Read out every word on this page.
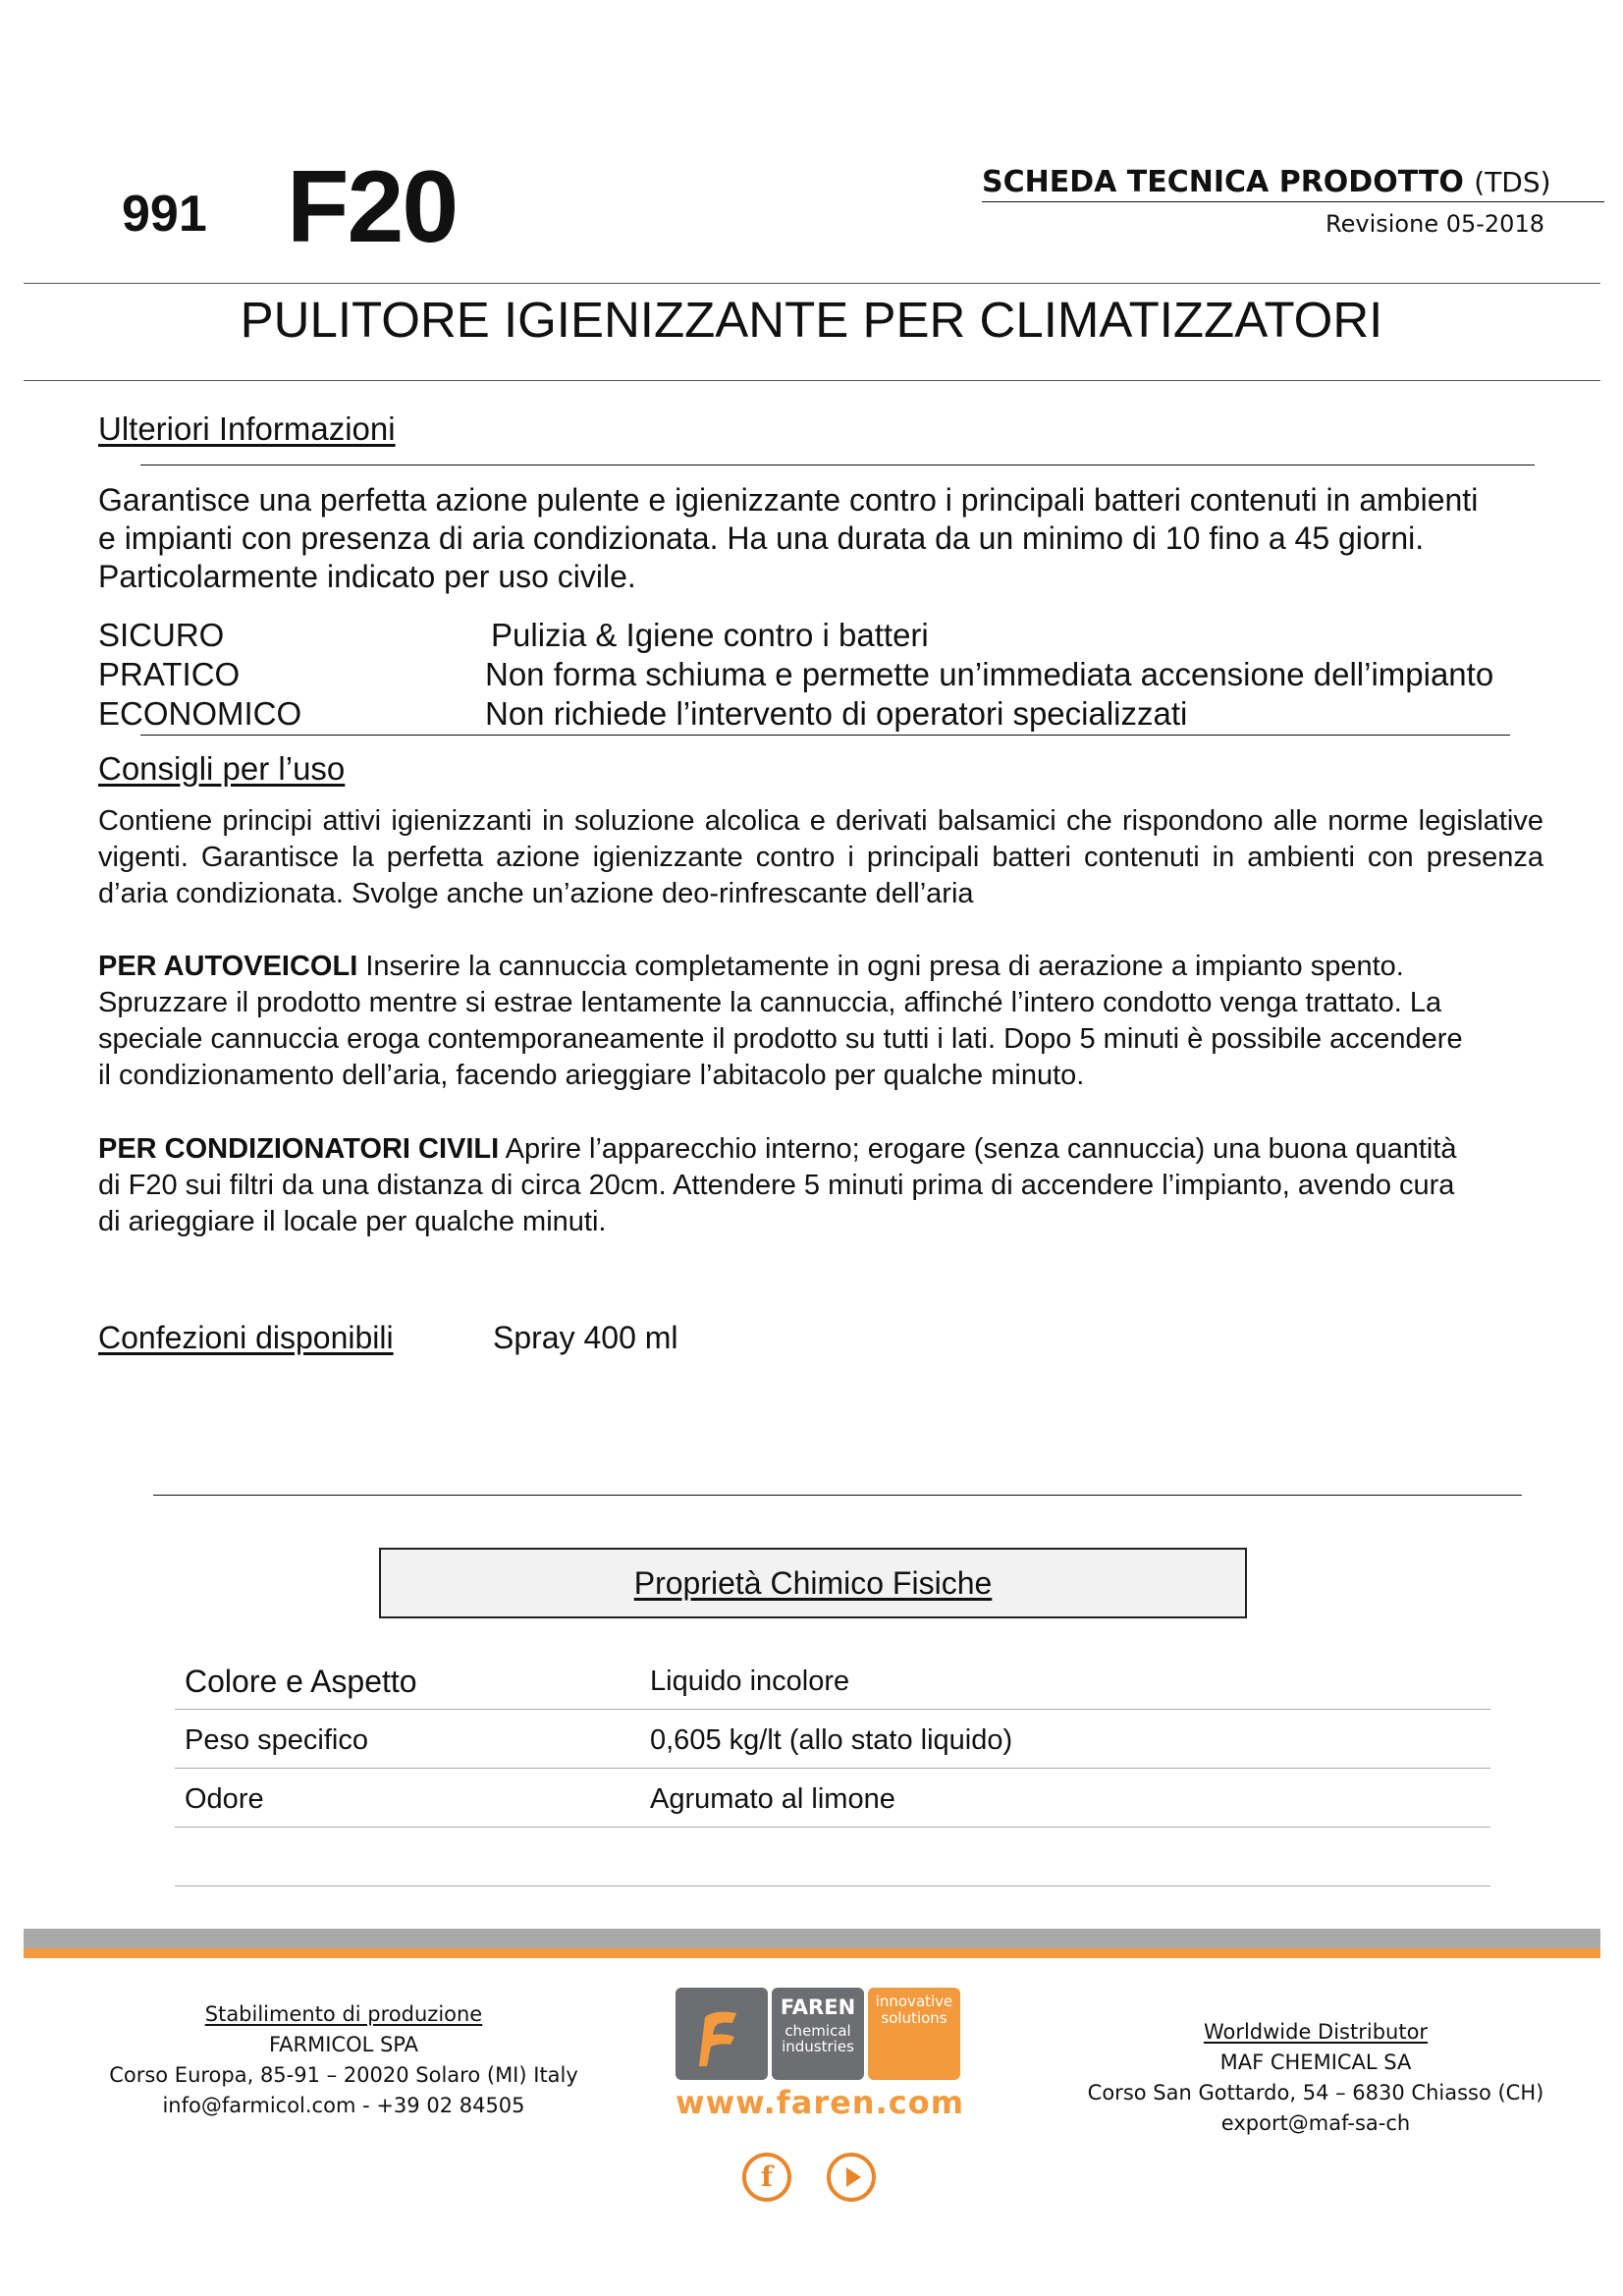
991 F20	SCHEDA TECNICA PRODOTTO (TDS)
Revisione 05-2018
PULITORE IGIENIZZANTE PER CLIMATIZZATORI
Ulteriori Informazioni
Garantisce una perfetta azione pulente e igienizzante contro i principali batteri contenuti in ambienti
e impianti con presenza di aria condizionata. Ha una durata da un minimo di 10 fino a 45 giorni.
Particolarmente indicato per uso civile.
SICURO	Pulizia & Igiene contro i batteri
PRATICO	Non forma schiuma e permette un’immediata accensione dell’impianto
ECONOMICO	Non richiede l’intervento di operatori specializzati
Consigli per l’uso
Contiene principi attivi igienizzanti in soluzione alcolica e derivati balsamici che rispondono alle norme legislative vigenti. Garantisce la perfetta azione igienizzante contro i principali batteri contenuti in ambienti con presenza d’aria condizionata. Svolge anche un’azione deo-rinfrescante dell’aria
PER AUTOVEICOLI Inserire la cannuccia completamente in ogni presa di aerazione a impianto spento.
Spruzzare il prodotto mentre si estrae lentamente la cannuccia, affinché l’intero condotto venga trattato. La
speciale cannuccia eroga contemporaneamente il prodotto su tutti i lati. Dopo 5 minuti è possibile accendere
il condizionamento dell’aria, facendo arieggiare l’abitacolo per qualche minuto.
PER CONDIZIONATORI CIVILI Aprire l’apparecchio interno; erogare (senza cannuccia) una buona quantità
di F20 sui filtri da una distanza di circa 20cm. Attendere 5 minuti prima di accendere l’impianto, avendo cura
di arieggiare il locale per qualche minuti.
Confezioni disponibili	Spray 400 ml
Proprietà Chimico Fisiche
Colore e Aspetto	Liquido incolore
Peso specifico	0,605 kg/lt (allo stato liquido)
Odore	Agrumato al limone
Stabilimento di produzione
FARMICOL SPA
Corso Europa, 85-91 – 20020 Solaro (MI) Italy
info@farmicol.com - +39 02 84505
FAREN
chemical
industries
innovative
solutions
www.faren.com
f
Worldwide Distributor
MAF CHEMICAL SA
Corso San Gottardo, 54 – 6830 Chiasso (CH)
export@maf-sa-ch
